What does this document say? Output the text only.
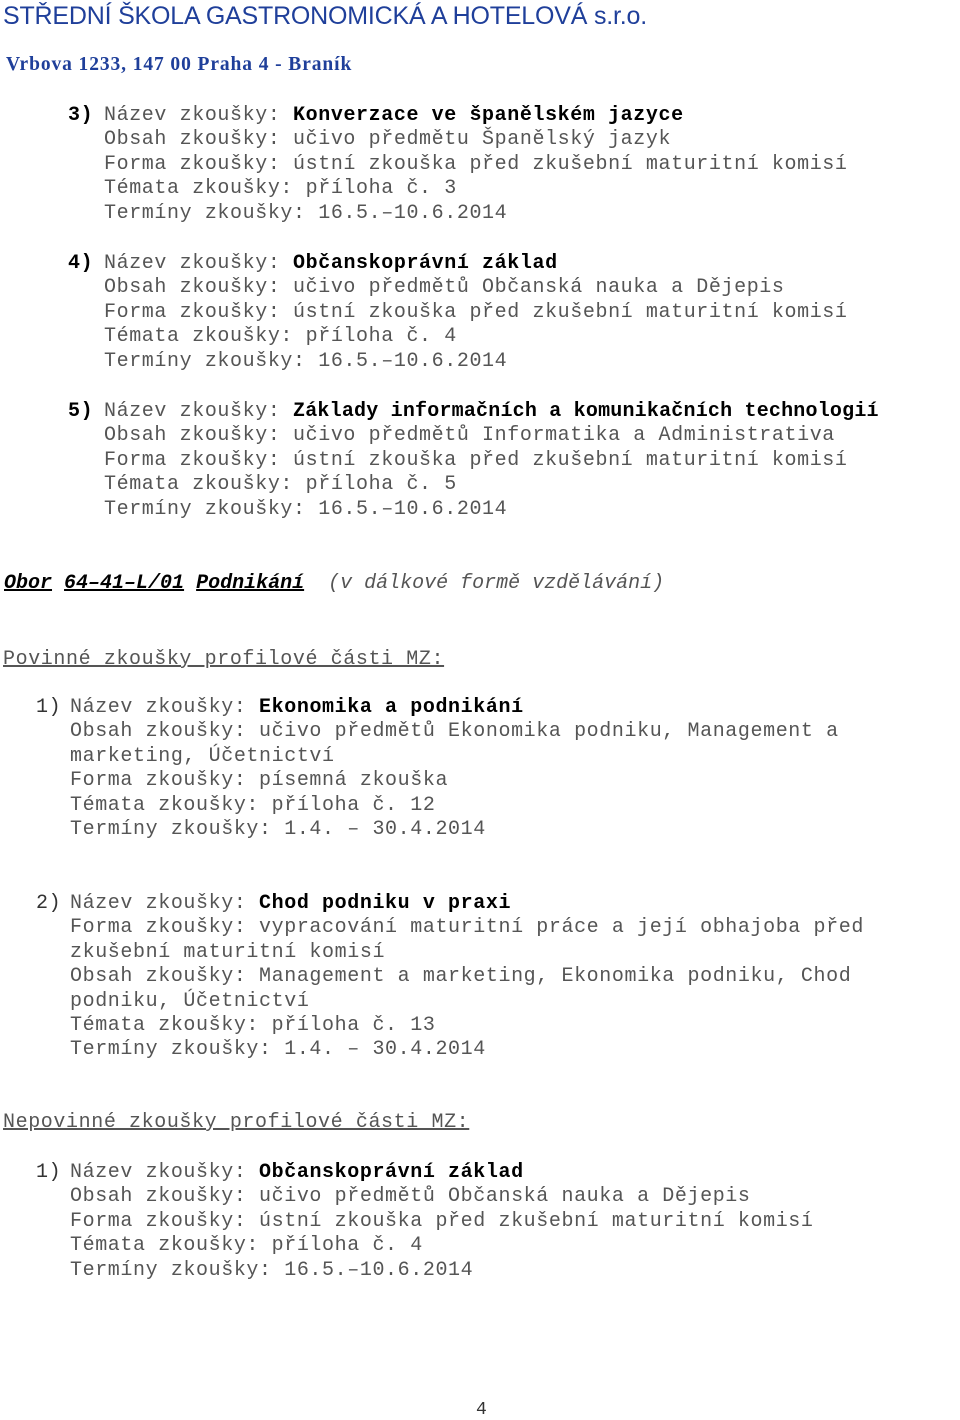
STŘEDNÍ ŠKOLA GASTRONOMICKÁ A HOTELOVÁ s.r.o.
Vrbova 1233, 147 00 Praha 4 - Braník
3) Název zkoušky: Konverzace ve španělském jazyce
Obsah zkoušky: učivo předmětu Španělský jazyk
Forma zkoušky: ústní zkouška před zkušební maturitní komisí
Témata zkoušky: příloha č. 3
Termíny zkoušky: 16.5.–10.6.2014
4) Název zkoušky: Občanskoprávní základ
Obsah zkoušky: učivo předmětů Občanská nauka a Dějepis
Forma zkoušky: ústní zkouška před zkušební maturitní komisí
Témata zkoušky: příloha č. 4
Termíny zkoušky: 16.5.–10.6.2014
5) Název zkoušky: Základy informačních a komunikačních technologií
Obsah zkoušky: učivo předmětů Informatika a Administrativa
Forma zkoušky: ústní zkouška před zkušební maturitní komisí
Témata zkoušky: příloha č. 5
Termíny zkoušky: 16.5.–10.6.2014
Obor 64–41–L/01 Podnikání (v dálkové formě vzdělávání)
Povinné zkoušky profilové části MZ:
1) Název zkoušky: Ekonomika a podnikání
Obsah zkoušky: učivo předmětů Ekonomika podniku, Management a
marketing, Účetnictví
Forma zkoušky: písemná zkouška
Témata zkoušky: příloha č. 12
Termíny zkoušky: 1.4. – 30.4.2014
2) Název zkoušky: Chod podniku v praxi
Forma zkoušky: vypracování maturitní práce a její obhajoba před
zkušební maturitní komisí
Obsah zkoušky: Management a marketing, Ekonomika podniku, Chod
podniku, Účetnictví
Témata zkoušky: příloha č. 13
Termíny zkoušky: 1.4. – 30.4.2014
Nepovinné zkoušky profilové části MZ:
1) Název zkoušky: Občanskoprávní základ
Obsah zkoušky: učivo předmětů Občanská nauka a Dějepis
Forma zkoušky: ústní zkouška před zkušební maturitní komisí
Témata zkoušky: příloha č. 4
Termíny zkoušky: 16.5.–10.6.2014
4
